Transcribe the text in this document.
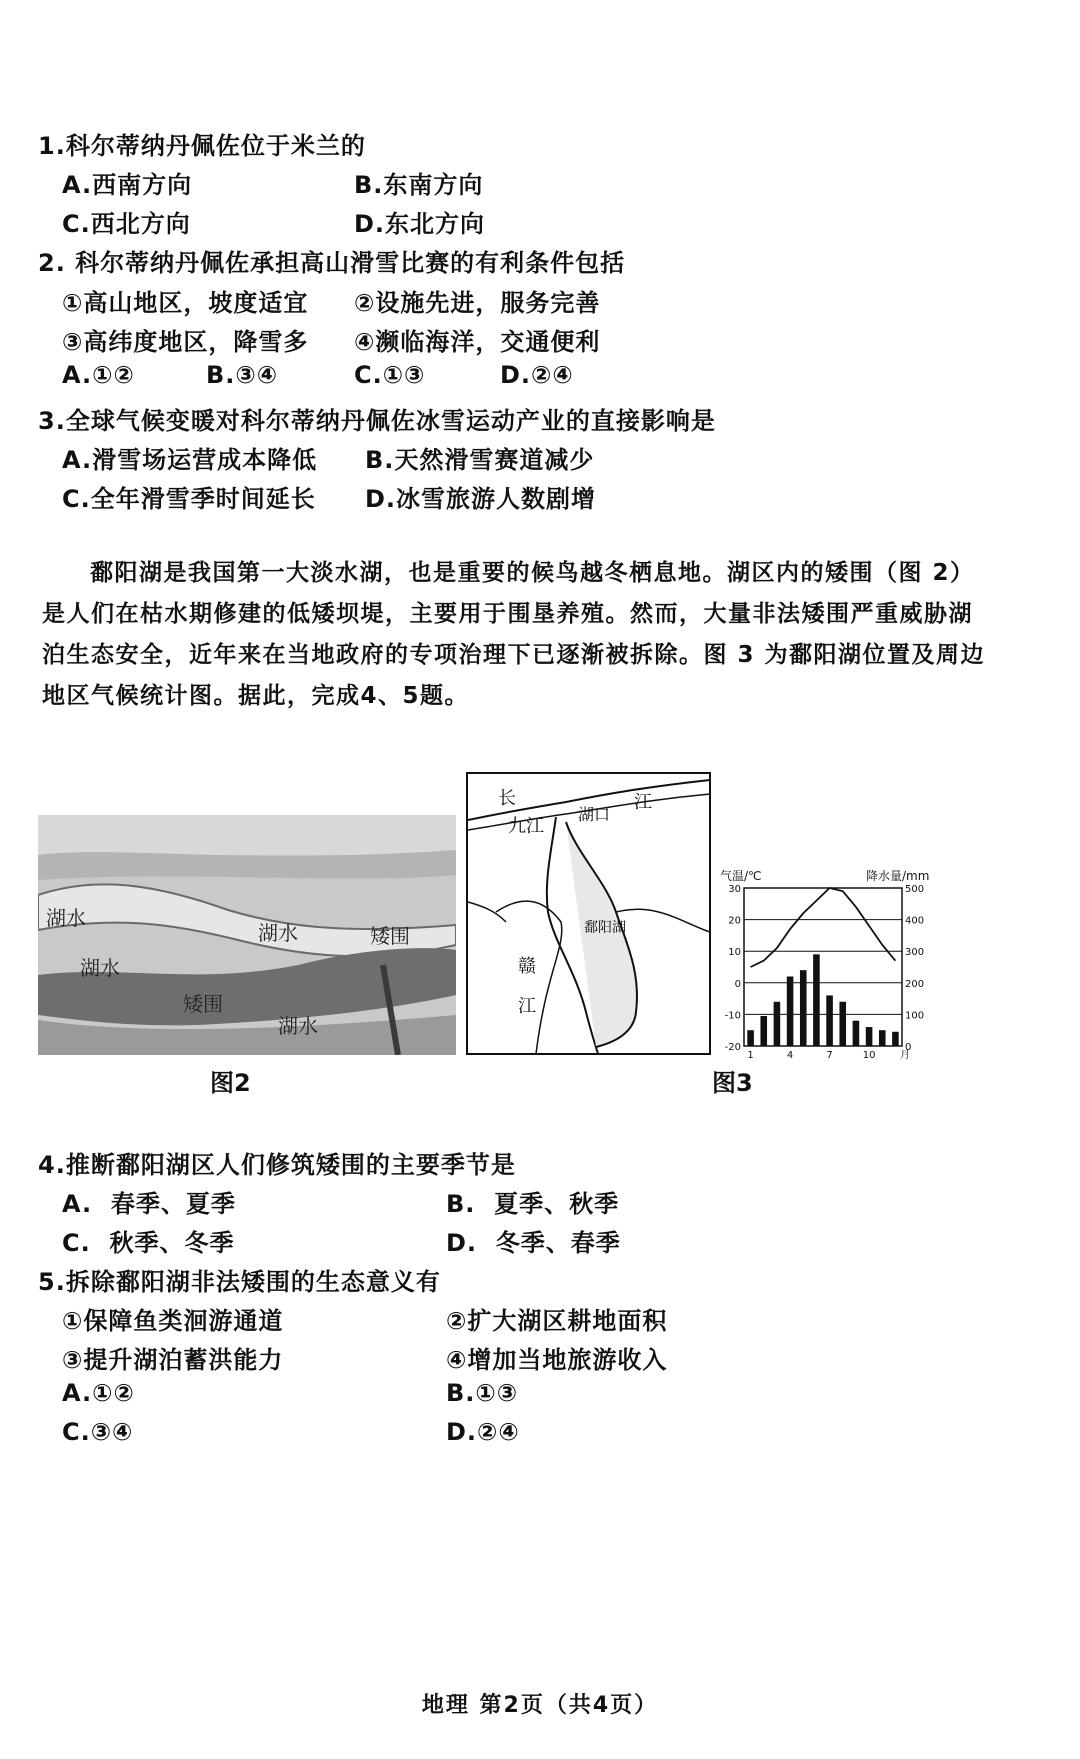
1.科尔蒂纳丹佩佐位于米兰的
A.西南方向	B.东南方向
C.西北方向	D.东北方向
2. 科尔蒂纳丹佩佐承担高山滑雪比赛的有利条件包括
①高山地区，坡度适宜 ②设施先进，服务完善
③高纬度地区，降雪多 ④濒临海洋，交通便利
A.①②	B.③④	C.①③	D.②④
3.全球气候变暖对科尔蒂纳丹佩佐冰雪运动产业的直接影响是
A.滑雪场运营成本降低 B.天然滑雪赛道减少
C.全年滑雪季时间延长 D.冰雪旅游人数剧增

鄱阳湖是我国第一大淡水湖，也是重要的候鸟越冬栖息地。湖区内的矮围（图 2）

是人们在枯水期修建的低矮坝堤，主要用于围垦养殖。然而，大量非法矮围严重威胁湖

泊生态安全，近年来在当地政府的专项治理下已逐渐被拆除。图 3 为鄱阳湖位置及周边

地区气候统计图。据此，完成4、5题。

湖水
湖水
湖水
湖水
矮围
矮围
图2
长	江
九江
湖口
赣
江
鄱阳湖
气温/℃	降水量/mm
30
20
10
0
-10
-20
500
400
300
200
100
0
1	4	7	10 月
图3
4.推断鄱阳湖区人们修筑矮围的主要季节是
A.  春季、夏季	B.  夏季、秋季
C.  秋季、冬季	D.  冬季、春季
5.拆除鄱阳湖非法矮围的生态意义有
①保障鱼类洄游通道	②扩大湖区耕地面积
③提升湖泊蓄洪能力	④增加当地旅游收入
A.①②	B.①③
C.③④	D.②④
地理 第2页（共4页）
